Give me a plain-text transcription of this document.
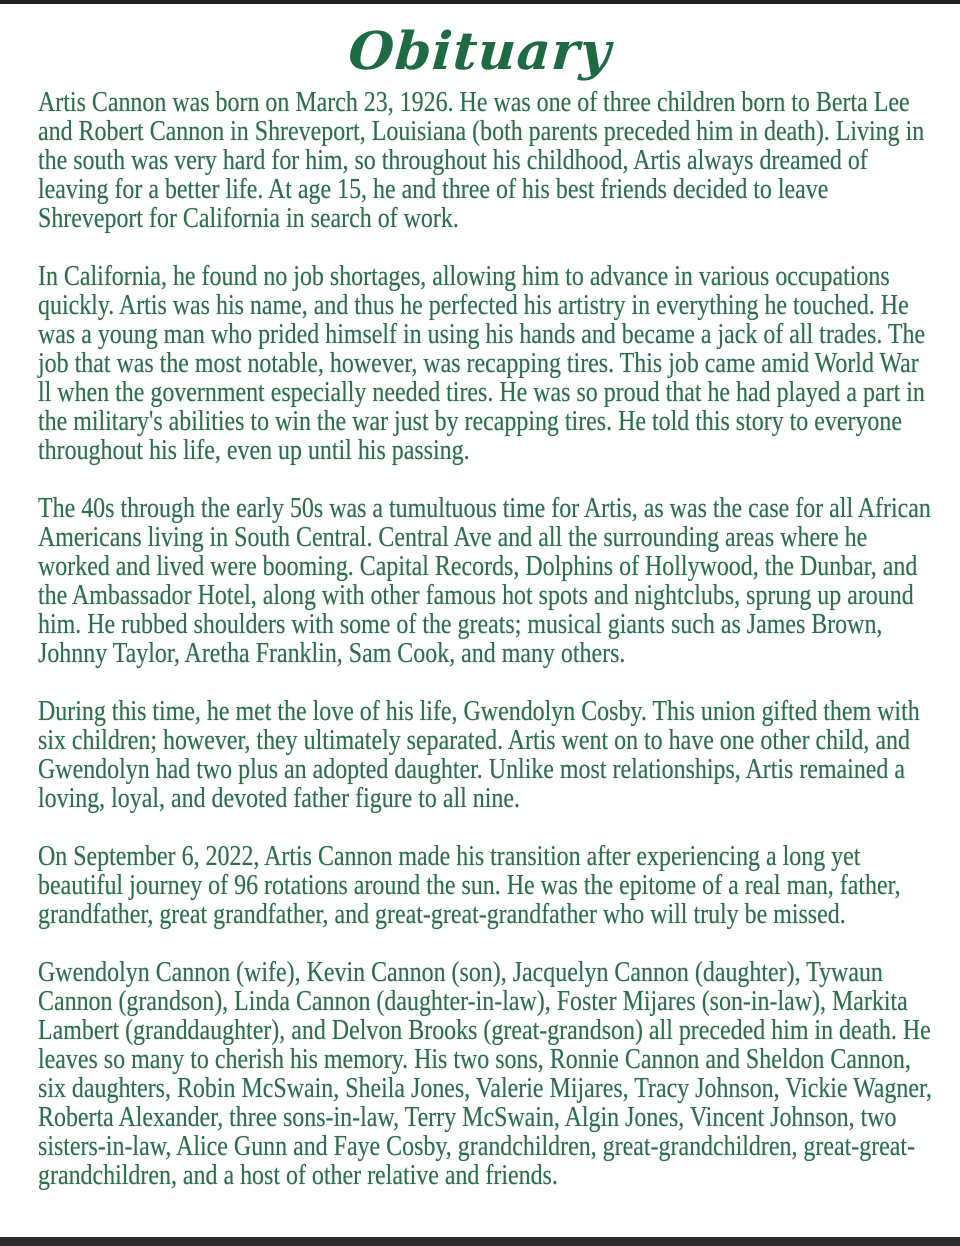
Obituary

Artis Cannon was born on March 23, 1926. He was one of three children born to Berta Lee and Robert Cannon in Shreveport, Louisiana (both parents preceded him in death). Living in the south was very hard for him, so throughout his childhood, Artis always dreamed of leaving for a better life. At age 15, he and three of his best friends decided to leave Shreveport for California in search of work.

In California, he found no job shortages, allowing him to advance in various occupations quickly. Artis was his name, and thus he perfected his artistry in everything he touched. He was a young man who prided himself in using his hands and became a jack of all trades. The job that was the most notable, however, was recapping tires. This job came amid World War ll when the government especially needed tires. He was so proud that he had played a part in the military's abilities to win the war just by recapping tires. He told this story to everyone throughout his life, even up until his passing.

The 40s through the early 50s was a tumultuous time for Artis, as was the case for all African Americans living in South Central. Central Ave and all the surrounding areas where he worked and lived were booming. Capital Records, Dolphins of Hollywood, the Dunbar, and the Ambassador Hotel, along with other famous hot spots and nightclubs, sprung up around him. He rubbed shoulders with some of the greats; musical giants such as James Brown, Johnny Taylor, Aretha Franklin, Sam Cook, and many others.

During this time, he met the love of his life, Gwendolyn Cosby. This union gifted them with six children; however, they ultimately separated. Artis went on to have one other child, and Gwendolyn had two plus an adopted daughter. Unlike most relationships, Artis remained a loving, loyal, and devoted father figure to all nine.

On September 6, 2022, Artis Cannon made his transition after experiencing a long yet beautiful journey of 96 rotations around the sun. He was the epitome of a real man, father, grandfather, great grandfather, and great-great-grandfather who will truly be missed.

Gwendolyn Cannon (wife), Kevin Cannon (son), Jacquelyn Cannon (daughter), Tywaun Cannon (grandson), Linda Cannon (daughter-in-law), Foster Mijares (son-in-law), Markita Lambert (granddaughter), and Delvon Brooks (great-grandson) all preceded him in death. He leaves so many to cherish his memory. His two sons, Ronnie Cannon and Sheldon Cannon, six daughters, Robin McSwain, Sheila Jones, Valerie Mijares, Tracy Johnson, Vickie Wagner, Roberta Alexander, three sons-in-law, Terry McSwain, Algin Jones, Vincent Johnson, two sisters-in-law, Alice Gunn and Faye Cosby, grandchildren, great-grandchildren, great-great-grandchildren, and a host of other relative and friends.
